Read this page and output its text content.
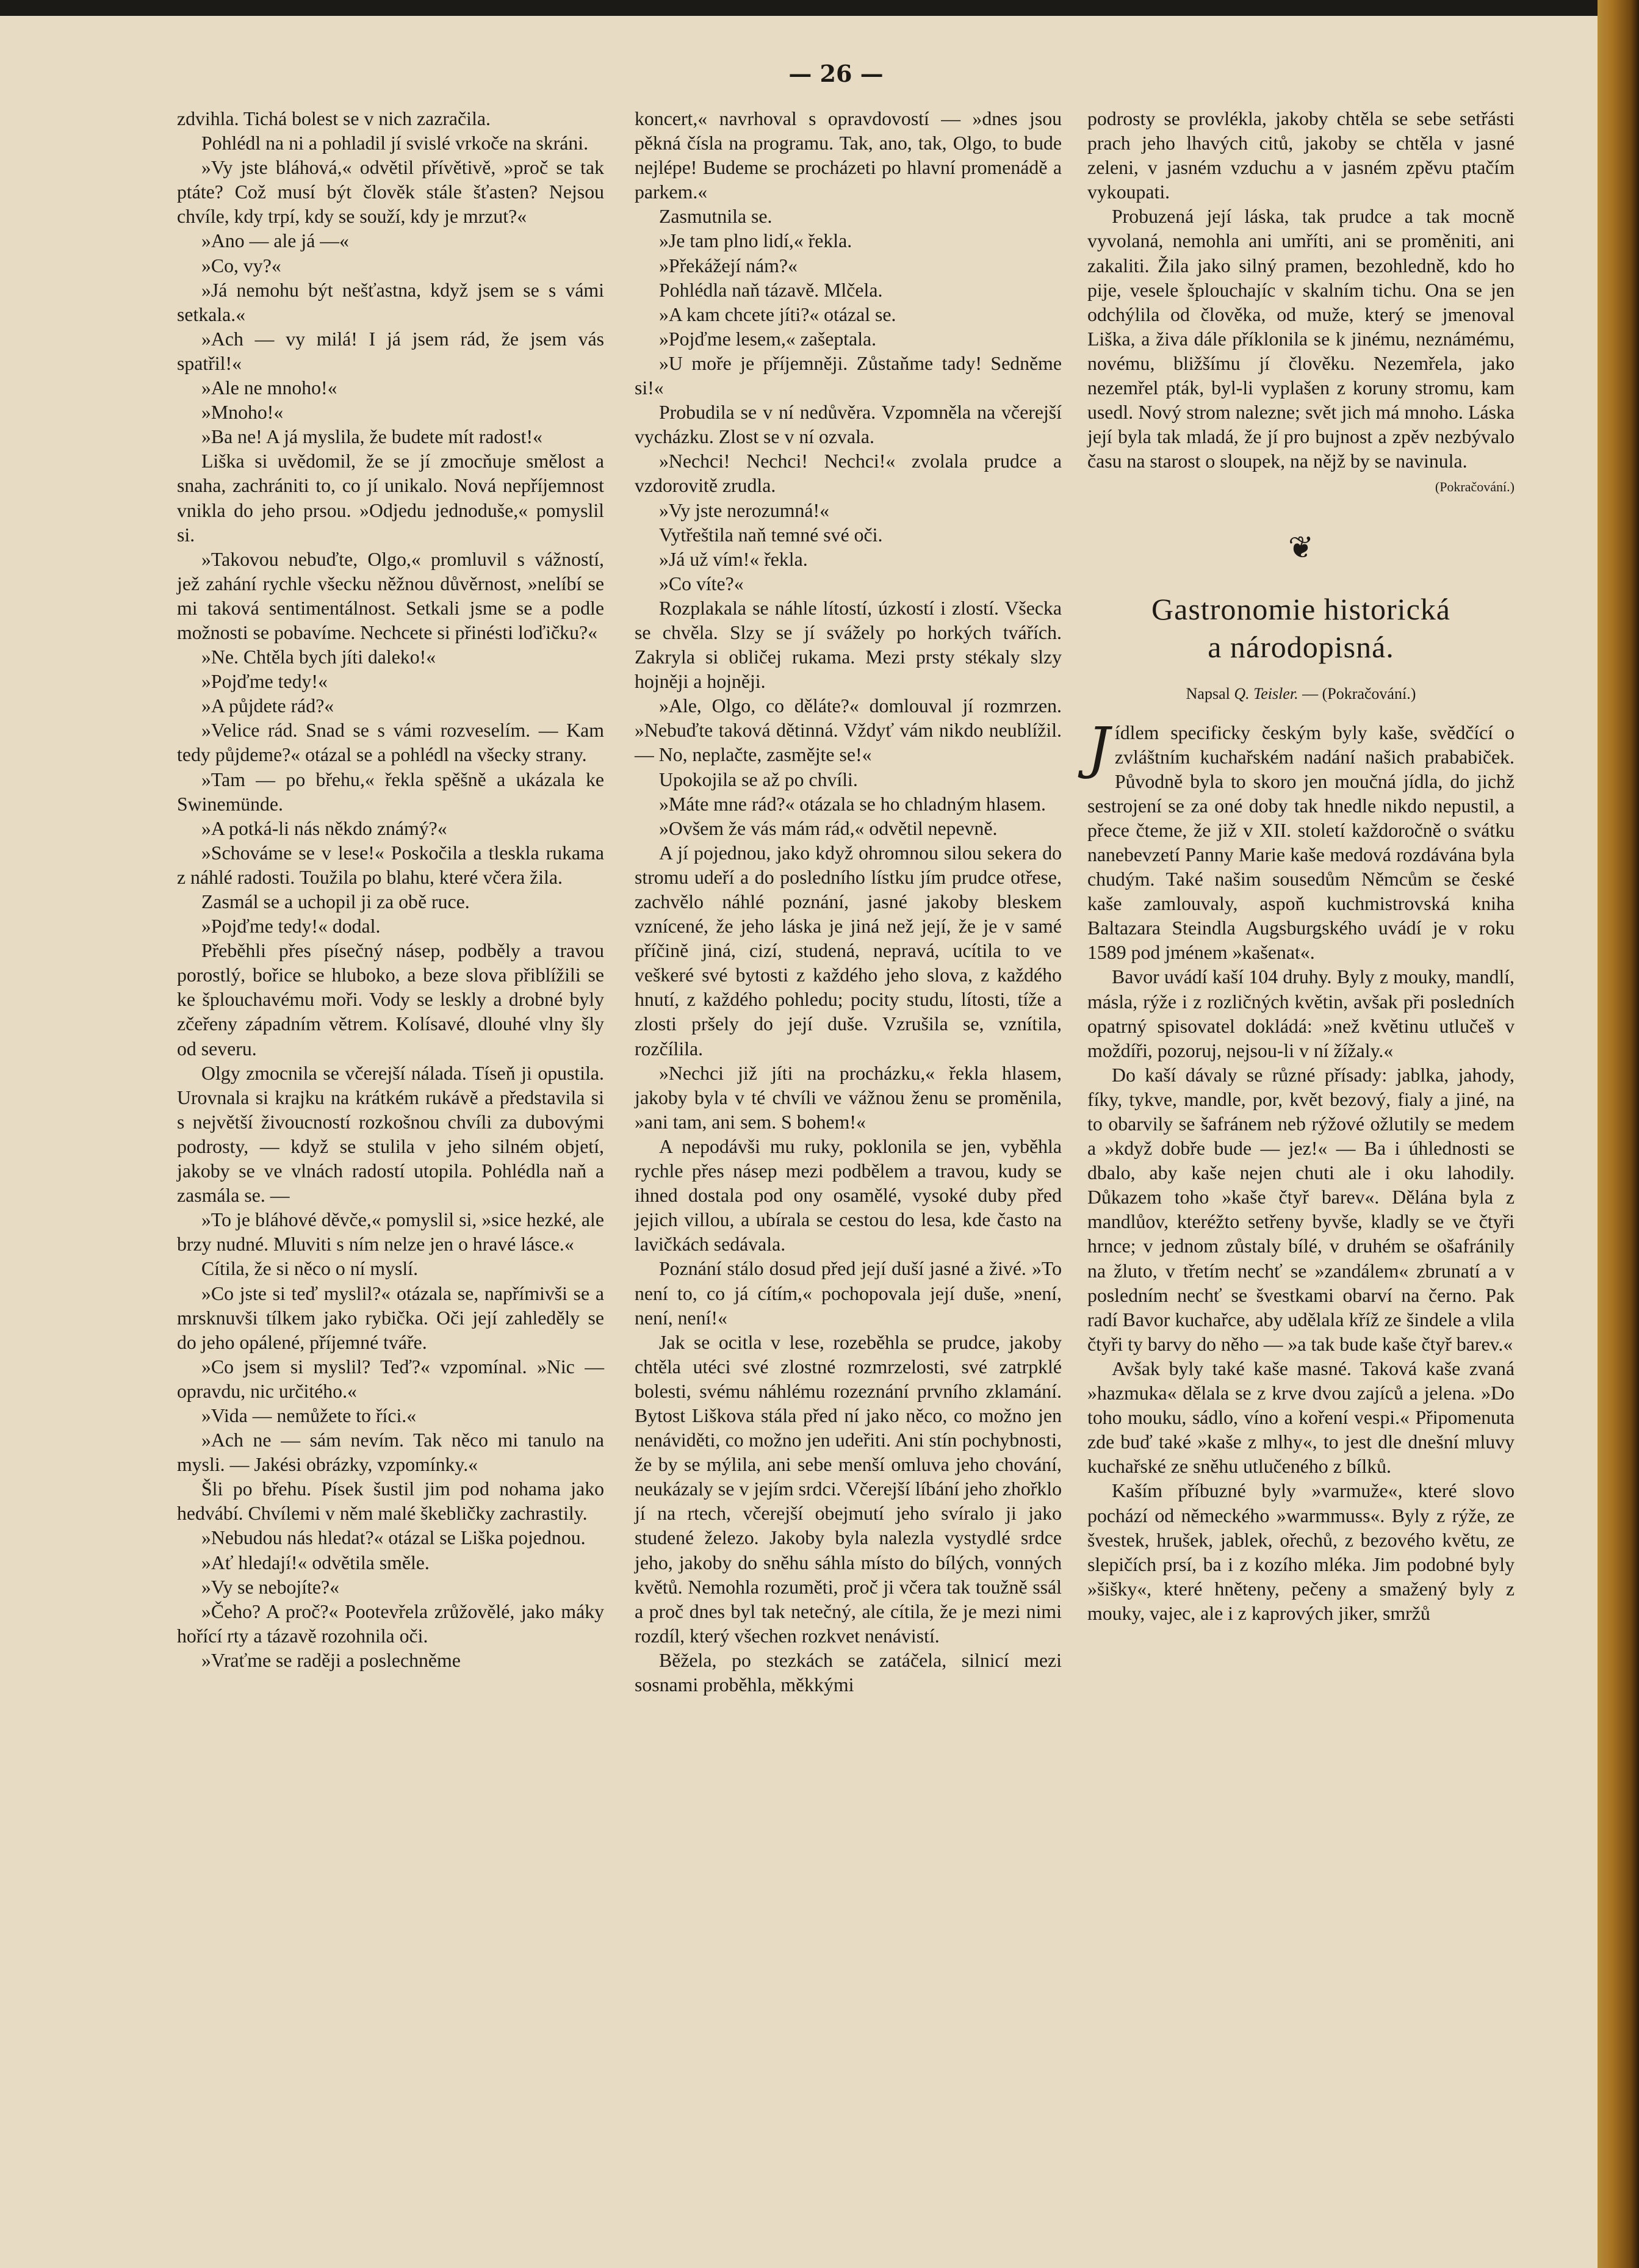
— 26 —

zdvihla. Tichá bolest se v nich zazračila.

Pohlédl na ni a pohladil jí svislé vrkoče na skráni.

»Vy jste bláhová,« odvětil přívětivě, »proč se tak ptáte? Což musí být člověk stále šťasten? Nejsou chvíle, kdy trpí, kdy se souží, kdy je mrzut?«

»Ano — ale já —«

»Co, vy?«

»Já nemohu být nešťastna, když jsem se s vámi setkala.«

»Ach — vy milá! I já jsem rád, že jsem vás spatřil!«

»Ale ne mnoho!«

»Mnoho!«

»Ba ne! A já myslila, že budete mít radost!«

Liška si uvědomil, že se jí zmocňuje smělost a snaha, zachrániti to, co jí unikalo. Nová nepříjemnost vnikla do jeho prsou. »Odjedu jednoduše,« pomyslil si.

»Takovou nebuďte, Olgo,« promluvil s vážností, jež zahání rychle všecku něžnou důvěrnost, »nelíbí se mi taková sentimentálnost. Setkali jsme se a podle možnosti se pobavíme. Nechcete si přinésti loďičku?«

»Ne. Chtěla bych jíti daleko!«

»Pojďme tedy!«

»A půjdete rád?«

»Velice rád. Snad se s vámi rozveselím. — Kam tedy půjdeme?« otázal se a pohlédl na všecky strany.

»Tam — po břehu,« řekla spěšně a ukázala ke Swinemünde.

»A potká-li nás někdo známý?«

»Schováme se v lese!« Poskočila a tleskla rukama z náhlé radosti. Toužila po blahu, které včera žila.

Zasmál se a uchopil ji za obě ruce.

»Pojďme tedy!« dodal.

Přeběhli přes písečný násep, podběly a travou porostlý, bořice se hluboko, a beze slova přiblížili se ke šplouchavému moři. Vody se leskly a drobné byly zčeřeny západním větrem. Kolísavé, dlouhé vlny šly od severu.

Olgy zmocnila se včerejší nálada. Tíseň ji opustila. Urovnala si krajku na krátkém rukávě a představila si s největší živoucností rozkošnou chvíli za dubovými podrosty, — když se stulila v jeho silném objetí, jakoby se ve vlnách radostí utopila. Pohlédla naň a zasmála se. —

»To je bláhové děvče,« pomyslil si, »sice hezké, ale brzy nudné. Mluviti s ním nelze jen o hravé lásce.«

Cítila, že si něco o ní myslí.

»Co jste si teď myslil?« otázala se, napřímivši se a mrsknuvši tílkem jako rybička. Oči její zahleděly se do jeho opálené, příjemné tváře.

»Co jsem si myslil? Teď?« vzpomínal. »Nic — opravdu, nic určitého.«

»Vida — nemůžete to říci.«

»Ach ne — sám nevím. Tak něco mi tanulo na mysli. — Jakési obrázky, vzpomínky.«

Šli po břehu. Písek šustil jim pod nohama jako hedvábí. Chvílemi v něm malé škebličky zachrastily.

»Nebudou nás hledat?« otázal se Liška pojednou.

»Ať hledají!« odvětila směle.

»Vy se nebojíte?«

»Čeho? A proč?« Pootevřela zrůžovělé, jako máky hořící rty a tázavě rozohnila oči.

»Vraťme se raději a poslechněme

koncert,« navrhoval s opravdovostí — »dnes jsou pěkná čísla na programu. Tak, ano, tak, Olgo, to bude nejlépe! Budeme se procházeti po hlavní promenádě a parkem.«

Zasmutnila se.

»Je tam plno lidí,« řekla.

»Překážejí nám?«

Pohlédla naň tázavě. Mlčela.

»A kam chcete jíti?« otázal se.

»Pojďme lesem,« zašeptala.

»U moře je příjemněji. Zůstaňme tady! Sedněme si!«

Probudila se v ní nedůvěra. Vzpomněla na včerejší vycházku. Zlost se v ní ozvala.

»Nechci! Nechci! Nechci!« zvolala prudce a vzdorovitě zrudla.

»Vy jste nerozumná!«

Vytřeštila naň temné své oči.

»Já už vím!« řekla.

»Co víte?«

Rozplakala se náhle lítostí, úzkostí i zlostí. Všecka se chvěla. Slzy se jí svážely po horkých tvářích. Zakryla si obličej rukama. Mezi prsty stékaly slzy hojněji a hojněji.

»Ale, Olgo, co děláte?« domlouval jí rozmrzen. »Nebuďte taková dětinná. Vždyť vám nikdo neublížil. — No, neplačte, zasmějte se!«

Upokojila se až po chvíli.

»Máte mne rád?« otázala se ho chladným hlasem.

»Ovšem že vás mám rád,« odvětil nepevně.

A jí pojednou, jako když ohromnou silou sekera do stromu udeří a do posledního lístku jím prudce otřese, zachvělo náhlé poznání, jasné jakoby bleskem vznícené, že jeho láska je jiná než její, že je v samé příčině jiná, cizí, studená, nepravá, ucítila to ve veškeré své bytosti z každého jeho slova, z každého hnutí, z každého pohledu; pocity studu, lítosti, tíže a zlosti pršely do její duše. Vzrušila se, vznítila, rozčílila.

»Nechci již jíti na procházku,« řekla hlasem, jakoby byla v té chvíli ve vážnou ženu se proměnila, »ani tam, ani sem. S bohem!«

A nepodávši mu ruky, poklonila se jen, vyběhla rychle přes násep mezi podbělem a travou, kudy se ihned dostala pod ony osamělé, vysoké duby před jejich villou, a ubírala se cestou do lesa, kde často na lavičkách sedávala.

Poznání stálo dosud před její duší jasné a živé. »To není to, co já cítím,« pochopovala její duše, »není, není, není!«

Jak se ocitla v lese, rozeběhla se prudce, jakoby chtěla utéci své zlostné rozmrzelosti, své zatrpklé bolesti, svému náhlému rozeznání prvního zklamání. Bytost Liškova stála před ní jako něco, co možno jen nenáviděti, co možno jen udeřiti. Ani stín pochybnosti, že by se mýlila, ani sebe menší omluva jeho chování, neukázaly se v jejím srdci. Včerejší líbání jeho zhořklo jí na rtech, včerejší obejmutí jeho svíralo ji jako studené železo. Jakoby byla nalezla vystydlé srdce jeho, jakoby do sněhu sáhla místo do bílých, vonných květů. Nemohla rozuměti, proč ji včera tak toužně ssál a proč dnes byl tak netečný, ale cítila, že je mezi nimi rozdíl, který všechen rozkvet nenávistí.

Běžela, po stezkách se zatáčela, silnicí mezi sosnami proběhla, měkkými

podrosty se provlékla, jakoby chtěla se sebe setřásti prach jeho lhavých citů, jakoby se chtěla v jasné zeleni, v jasném vzduchu a v jasném zpěvu ptačím vykoupati.

Probuzená její láska, tak prudce a tak mocně vyvolaná, nemohla ani umříti, ani se proměniti, ani zakaliti. Žila jako silný pramen, bezohledně, kdo ho pije, vesele šplouchajíc v skalním tichu. Ona se jen odchýlila od člověka, od muže, který se jmenoval Liška, a živa dále příklonila se k jinému, neznámému, novému, bližšímu jí člověku. Nezemřela, jako nezemřel pták, byl-li vyplašen z koruny stromu, kam usedl. Nový strom nalezne; svět jich má mnoho. Láska její byla tak mladá, že jí pro bujnost a zpěv nezbývalo času na starost o sloupek, na nějž by se navinula.

(Pokračování.)
❦
Gastronomie historická
a národopisná.
Napsal Q. Teisler. — (Pokračování.)

Jídlem specificky českým byly kaše, svědčící o zvláštním kuchařském nadání našich prababiček. Původně byla to skoro jen moučná jídla, do jichž sestrojení se za oné doby tak hnedle nikdo nepustil, a přece čteme, že již v XII. století každoročně o svátku nanebevzetí Panny Marie kaše medová rozdávána byla chudým. Také našim sousedům Němcům se české kaše zamlouvaly, aspoň kuchmistrovská kniha Baltazara Steindla Augsburgského uvádí je v roku 1589 pod jménem »kašenat«.

Bavor uvádí kaší 104 druhy. Byly z mouky, mandlí, másla, rýže i z rozličných květin, avšak při posledních opatrný spisovatel dokládá: »než květinu utlučeš v moždíři, pozoruj, nejsou-li v ní žížaly.«

Do kaší dávaly se různé přísady: jablka, jahody, fíky, tykve, mandle, por, květ bezový, fialy a jiné, na to obarvily se šafránem neb rýžové ožlutily se medem a »když dobře bude — jez!« — Ba i úhlednosti se dbalo, aby kaše nejen chuti ale i oku lahodily. Důkazem toho »kaše čtyř barev«. Dělána byla z mandlůov, kteréžto setřeny byvše, kladly se ve čtyři hrnce; v jednom zůstaly bílé, v druhém se ošafránily na žluto, v třetím nechť se »zandálem« zbrunatí a v posledním nechť se švestkami obarví na černo. Pak radí Bavor kuchařce, aby udělala kříž ze šindele a vlila čtyři ty barvy do něho — »a tak bude kaše čtyř barev.«

Avšak byly také kaše masné. Taková kaše zvaná »hazmuka« dělala se z krve dvou zajíců a jelena. »Do toho mouku, sádlo, víno a koření vespi.« Připomenuta zde buď také »kaše z mlhy«, to jest dle dnešní mluvy kuchařské ze sněhu utlučeného z bílků.

Kaším příbuzné byly »varmuže«, které slovo pochází od německého »warmmuss«. Byly z rýže, ze švestek, hrušek, jablek, ořechů, z bezového květu, ze slepičích prsí, ba i z kozího mléka. Jim podobné byly »šišky«, které hněteny, pečeny a smažený byly z mouky, vajec, ale i z kaprových jiker, smržů
